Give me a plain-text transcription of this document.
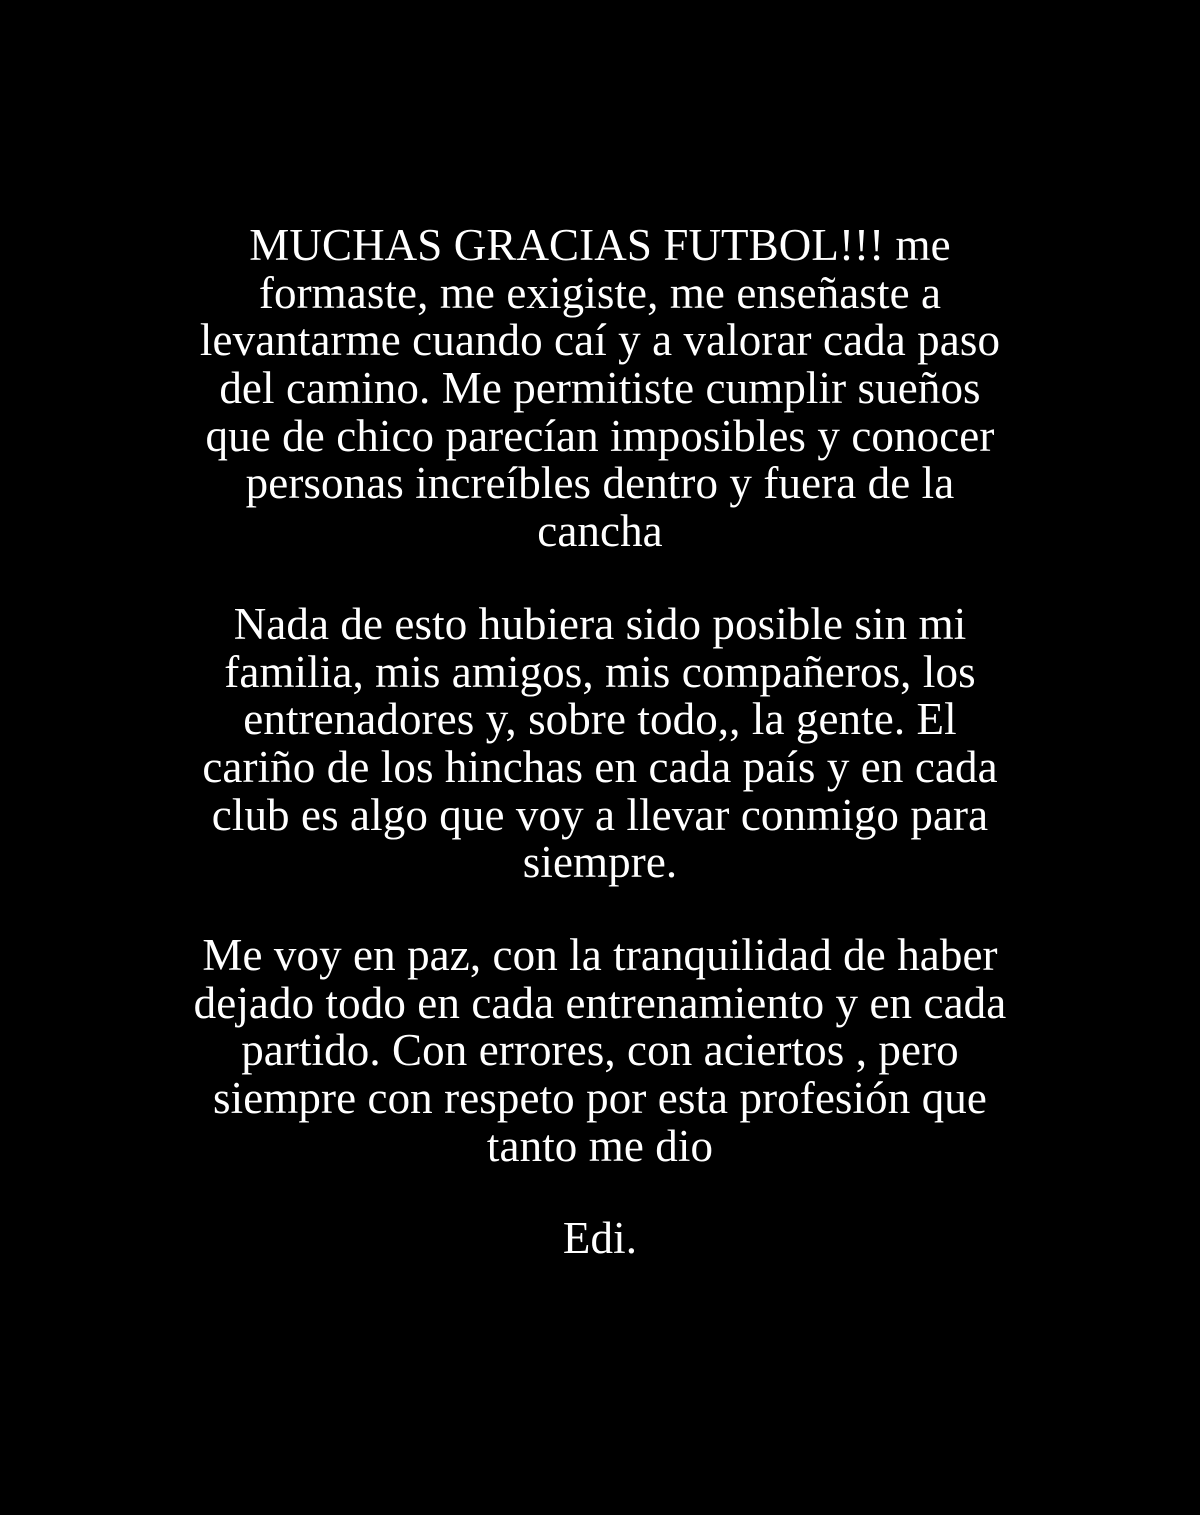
MUCHAS GRACIAS FUTBOL!!! me formaste, me exigiste, me enseñaste a levantarme cuando caí y a valorar cada paso del camino. Me permitiste cumplir sueños que de chico parecían imposibles y conocer personas increíbles dentro y fuera de la cancha

Nada de esto hubiera sido posible sin mi familia, mis amigos, mis compañeros, los entrenadores y, sobre todo,, la gente. El cariño de los hinchas en cada país y en cada club es algo que voy a llevar conmigo para siempre.

Me voy en paz, con la tranquilidad de haber dejado todo en cada entrenamiento y en cada partido. Con errores, con aciertos , pero siempre con respeto por esta profesión que tanto me dio

Edi.
